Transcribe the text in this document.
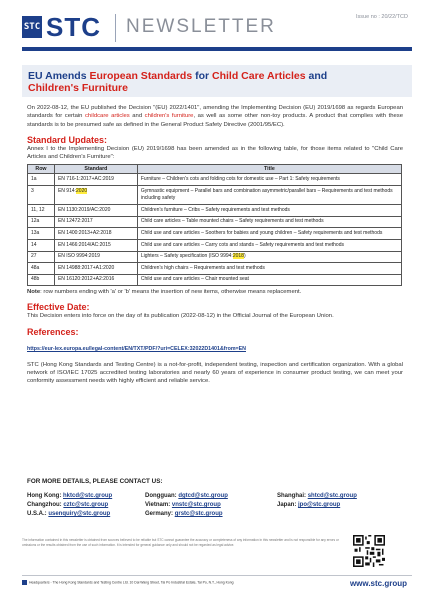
STC STC NEWSLETTER	Issue no : 20/22/TCD
EU Amends European Standards for Child Care Articles and
Children's Furniture

On 2022-08-12, the EU published the Decision "(EU) 2022/1401", amending the Implementing Decision (EU) 2019/1698 as regards European standards for certain childcare articles and children's furniture, as well as some other non-toy products. A product that complies with these standards is to be presumed safe as defined in the General Product Safety Directive (2001/95/EC).

Standard Updates:

Annex I to the Implementing Decision (EU) 2019/1698 has been amended as in the following table, for those items related to "Child Care Articles and Children's Furniture":

Row	Standard	Title
1a	EN 716-1:2017+AC:2019	Furniture – Children's cots and folding cots for domestic use – Part 1: Safety requirements
3	EN 914:2020	Gymnastic equipment – Parallel bars and combination asymmetric/parallel bars – Requirements and test methods including safety
11, 12	EN 1130:2019/AC:2020	Children's furniture – Cribs – Safety requirements and test methods
12a	EN 12472:2017	Child care articles – Table mounted chairs – Safety requirements and test methods
13a	EN 1400:2013+A2:2018	Child use and care articles – Soothers for babies and young children – Safety requirements and test methods
14	EN 1466:2014/AC:2015	Child use and care articles – Carry cots and stands – Safety requirements and test methods
27	EN ISO 9994:2019	Lighters – Safety specification (ISO 9994:2018)
48a	EN 14988:2017+A1:2020	Children's high chairs – Requirements and test methods
48b	EN 16120:2012+A2:2016	Child use and care articles – Chair mounted seat

Note: row numbers ending with 'a' or 'b' means the insertion of new items, otherwise means replacement.

Effective Date:

This Decision enters into force on the day of its publication (2022-08-12) in the Official Journal of the European Union.

References:
https://eur-lex.europa.eu/legal-content/EN/TXT/PDF/?uri=CELEX:32022D1401&from=EN

STC (Hong Kong Standards and Testing Centre) is a not-for-profit, independent testing, inspection and certification organization. With a global network of ISO/IEC 17025 accredited testing laboratories and nearly 60 years of experience in consumer product testing, we can meet your conformity assessment needs with highly efficient and reliable service.

FOR MORE DETAILS, PLEASE CONTACT US:
Hong Kong: hktcd@stc.group	Dongguan: dgtcd@stc.group	Shanghai: shtcd@stc.group
Changzhou: cztc@stc.group	Vietnam: vnstc@stc.group	Japan: jpo@stc.group
U.S.A.: usenquiry@stc.group	Germany: grstc@stc.group
The information contained in this newsletter is obtained from sources believed to be reliable but STC cannot guarantee the accuracy or completeness of any information in this newsletter and is not responsible for any errors or omissions or the results obtained from the use of such information. It is intended for general guidance only and should not be regarded as legal advice.
Headquarters - The Hong Kong Standards and Testing Centre Ltd. 10 Dai Wang Street, Tai Po Industrial Estate, Tai Po, N.T., Hong Kong	www.stc.group
